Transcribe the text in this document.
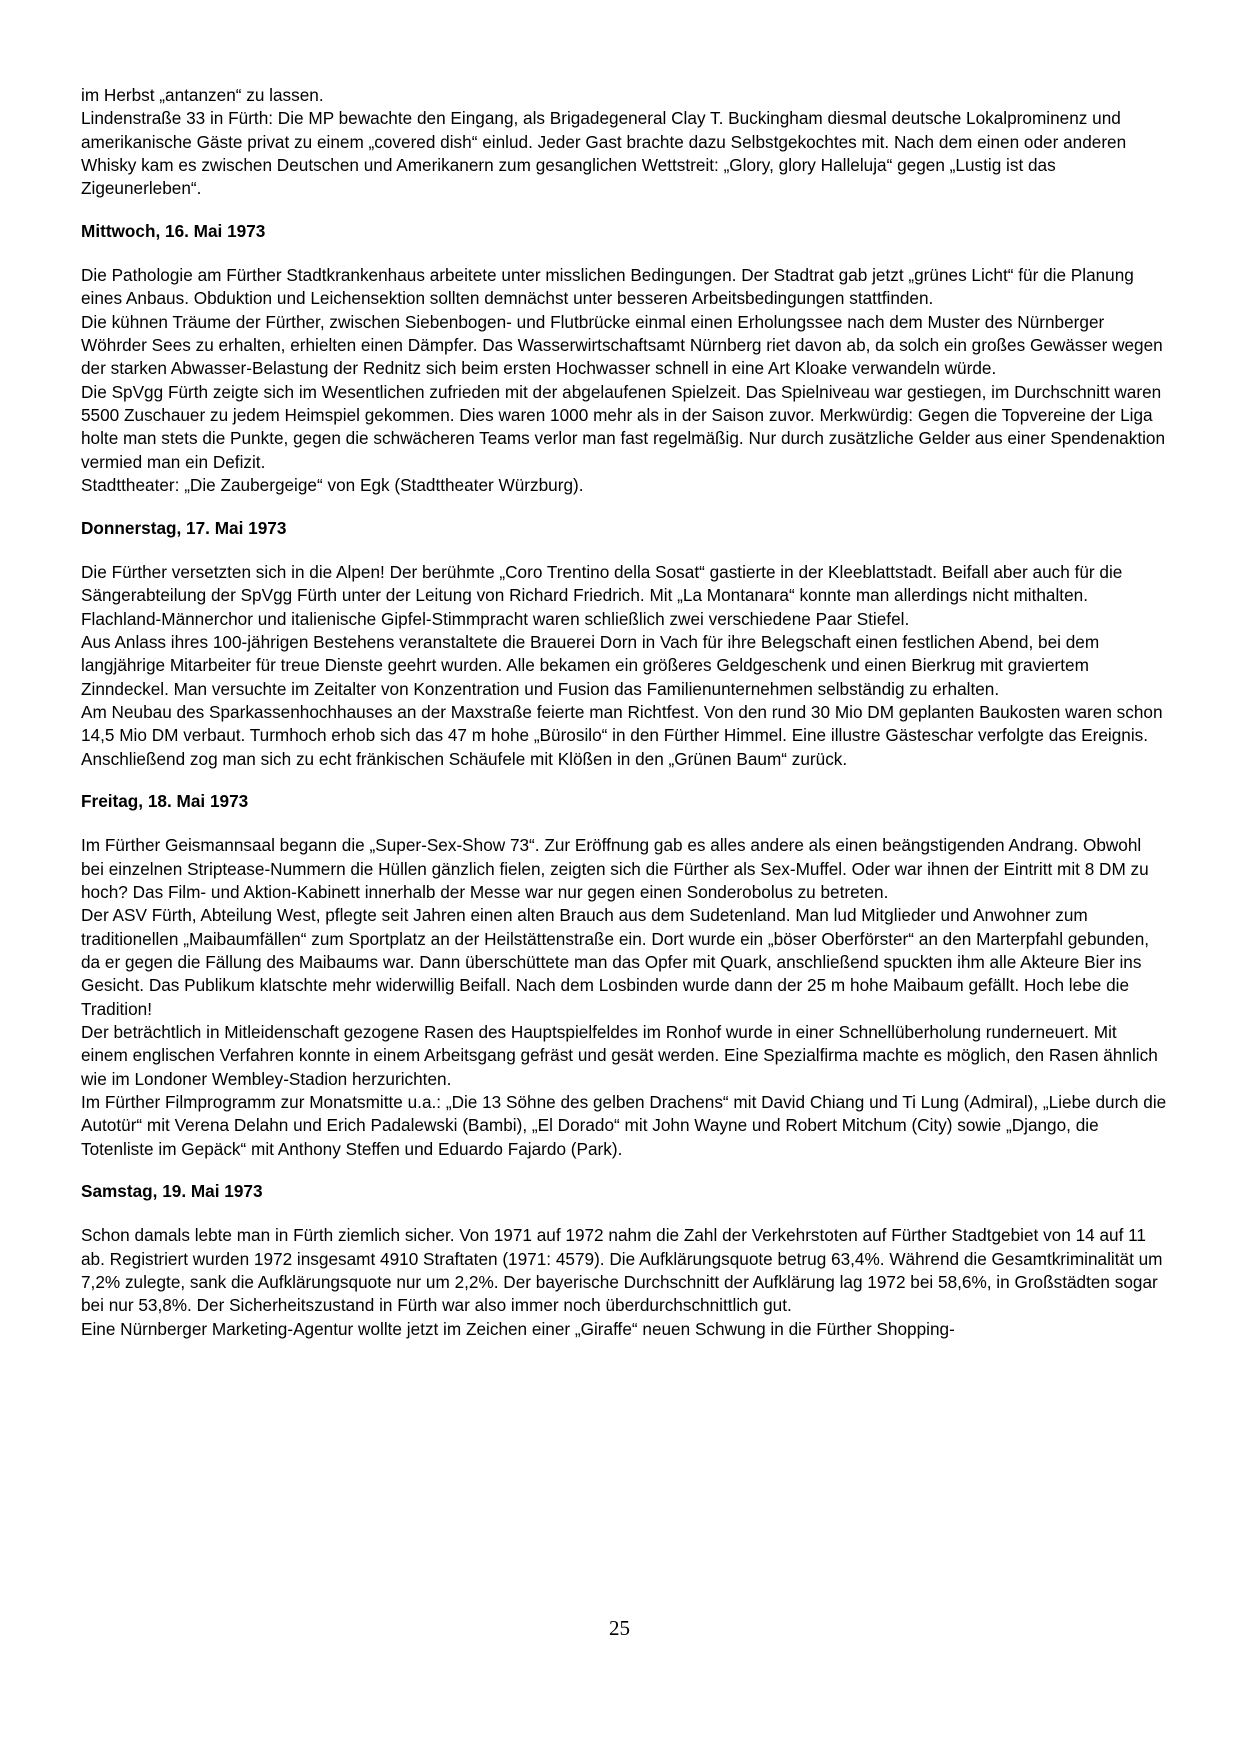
im Herbst „antanzen“ zu lassen.

Lindenstraße 33 in Fürth: Die MP bewachte den Eingang, als Brigadegeneral Clay T. Buckingham diesmal deutsche Lokalprominenz und amerikanische Gäste privat zu einem „covered dish“ einlud. Jeder Gast brachte dazu Selbstgekochtes mit. Nach dem einen oder anderen Whisky kam es zwischen Deutschen und Amerikanern zum gesanglichen Wettstreit: „Glory, glory Halleluja“ gegen „Lustig ist das Zigeunerleben“.

Mittwoch, 16. Mai 1973

Die Pathologie am Fürther Stadtkrankenhaus arbeitete unter misslichen Bedingungen. Der Stadtrat gab jetzt „grünes Licht“ für die Planung eines Anbaus. Obduktion und Leichensektion sollten demnächst unter besseren Arbeitsbedingungen stattfinden.

Die kühnen Träume der Fürther, zwischen Siebenbogen- und Flutbrücke einmal einen Erholungssee nach dem Muster des Nürnberger Wöhrder Sees zu erhalten, erhielten einen Dämpfer. Das Wasserwirtschaftsamt Nürnberg riet davon ab, da solch ein großes Gewässer wegen der starken Abwasser-Belastung der Rednitz sich beim ersten Hochwasser schnell in eine Art Kloake verwandeln würde.

Die SpVgg Fürth zeigte sich im Wesentlichen zufrieden mit der abgelaufenen Spielzeit. Das Spielniveau war gestiegen, im Durchschnitt waren 5500 Zuschauer zu jedem Heimspiel gekommen. Dies waren 1000 mehr als in der Saison zuvor. Merkwürdig: Gegen die Topvereine der Liga holte man stets die Punkte, gegen die schwächeren Teams verlor man fast regelmäßig. Nur durch zusätzliche Gelder aus einer Spendenaktion vermied man ein Defizit.

Stadttheater: „Die Zaubergeige“ von Egk (Stadttheater Würzburg).

Donnerstag, 17. Mai 1973

Die Fürther versetzten sich in die Alpen! Der berühmte „Coro Trentino della Sosat“ gastierte in der Kleeblattstadt. Beifall aber auch für die Sängerabteilung der SpVgg Fürth unter der Leitung von Richard Friedrich. Mit „La Montanara“ konnte man allerdings nicht mithalten. Flachland-Männerchor und italienische Gipfel-Stimmpracht waren schließlich zwei verschiedene Paar Stiefel.

Aus Anlass ihres 100-jährigen Bestehens veranstaltete die Brauerei Dorn in Vach für ihre Belegschaft einen festlichen Abend, bei dem langjährige Mitarbeiter für treue Dienste geehrt wurden. Alle bekamen ein größeres Geldgeschenk und einen Bierkrug mit graviertem Zinndeckel. Man versuchte im Zeitalter von Konzentration und Fusion das Familienunternehmen selbständig zu erhalten.

Am Neubau des Sparkassenhochhauses an der Maxstraße feierte man Richtfest. Von den rund 30 Mio DM geplanten Baukosten waren schon 14,5 Mio DM verbaut. Turmhoch erhob sich das 47 m hohe „Bürosilo“ in den Fürther Himmel. Eine illustre Gästeschar verfolgte das Ereignis. Anschließend zog man sich zu echt fränkischen Schäufele mit Klößen in den „Grünen Baum“ zurück.

Freitag, 18. Mai 1973

Im Fürther Geismannsaal begann die „Super-Sex-Show 73“. Zur Eröffnung gab es alles andere als einen beängstigenden Andrang. Obwohl bei einzelnen Striptease-Nummern die Hüllen gänzlich fielen, zeigten sich die Fürther als Sex-Muffel. Oder war ihnen der Eintritt mit 8 DM zu hoch? Das Film- und Aktion-Kabinett innerhalb der Messe war nur gegen einen Sonderobolus zu betreten.

Der ASV Fürth, Abteilung West, pflegte seit Jahren einen alten Brauch aus dem Sudetenland. Man lud Mitglieder und Anwohner zum traditionellen „Maibaumfällen“ zum Sportplatz an der Heilstättenstraße ein. Dort wurde ein „böser Oberförster“ an den Marterpfahl gebunden, da er gegen die Fällung des Maibaums war. Dann überschüttete man das Opfer mit Quark, anschließend spuckten ihm alle Akteure Bier ins Gesicht. Das Publikum klatschte mehr widerwillig Beifall. Nach dem Losbinden wurde dann der 25 m hohe Maibaum gefällt. Hoch lebe die Tradition!

Der beträchtlich in Mitleidenschaft gezogene Rasen des Hauptspielfeldes im Ronhof wurde in einer Schnellüberholung runderneuert. Mit einem englischen Verfahren konnte in einem Arbeitsgang gefräst und gesät werden. Eine Spezialfirma machte es möglich, den Rasen ähnlich wie im Londoner Wembley-Stadion herzurichten.

Im Fürther Filmprogramm zur Monatsmitte u.a.: „Die 13 Söhne des gelben Drachens“ mit David Chiang und Ti Lung (Admiral), „Liebe durch die Autotür“ mit Verena Delahn und Erich Padalewski (Bambi), „El Dorado“ mit John Wayne und Robert Mitchum (City) sowie „Django, die Totenliste im Gepäck“ mit Anthony Steffen und Eduardo Fajardo (Park).

Samstag, 19. Mai 1973

Schon damals lebte man in Fürth ziemlich sicher. Von 1971 auf 1972 nahm die Zahl der Verkehrstoten auf Fürther Stadtgebiet von 14 auf 11 ab. Registriert wurden 1972 insgesamt 4910 Straftaten (1971: 4579). Die Aufklärungsquote betrug 63,4%. Während die Gesamtkriminalität um 7,2% zulegte, sank die Aufklärungsquote nur um 2,2%. Der bayerische Durchschnitt der Aufklärung lag 1972 bei 58,6%, in Großstädten sogar bei nur 53,8%. Der Sicherheitszustand in Fürth war also immer noch überdurchschnittlich gut.

Eine Nürnberger Marketing-Agentur wollte jetzt im Zeichen einer „Giraffe“ neuen Schwung in die Fürther Shopping-

25
